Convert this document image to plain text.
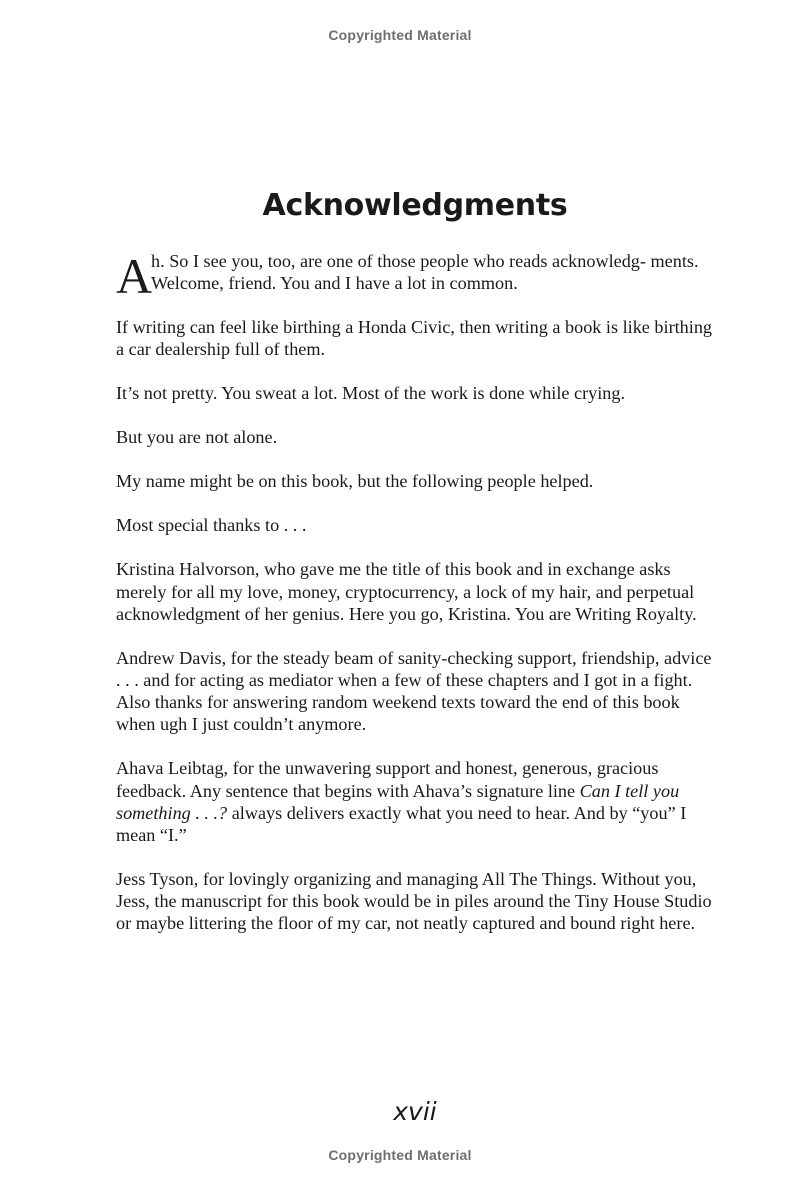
Copyrighted Material
Acknowledgments

A
h. So I see you, too, are one of those people who reads acknowledg- ments. Welcome, friend. You and I have a lot in common.

If writing can feel like birthing a Honda Civic, then writing a book is like birthing a car dealership full of them.

It’s not pretty. You sweat a lot. Most of the work is done while crying.

But you are not alone.

My name might be on this book, but the following people helped.

Most special thanks to . . .

Kristina Halvorson, who gave me the title of this book and in exchange asks merely for all my love, money, cryptocurrency, a lock of my hair, and perpetual acknowledgment of her genius. Here you go, Kristina. You are Writing Royalty.

Andrew Davis, for the steady beam of sanity-checking support, friendship, advice . . . and for acting as mediator when a few of these chapters and I got in a fight. Also thanks for answering random weekend texts toward the end of this book when ugh I just couldn’t anymore.

Ahava Leibtag, for the unwavering support and honest, generous, gracious feedback. Any sentence that begins with Ahava’s signature line Can I tell you something . . .? always delivers exactly what you need to hear. And by “you” I mean “I.”

Jess Tyson, for lovingly organizing and managing All The Things. Without you, Jess, the manuscript for this book would be in piles around the Tiny House Studio or maybe littering the floor of my car, not neatly captured and bound right here.

xvii
Copyrighted Material
